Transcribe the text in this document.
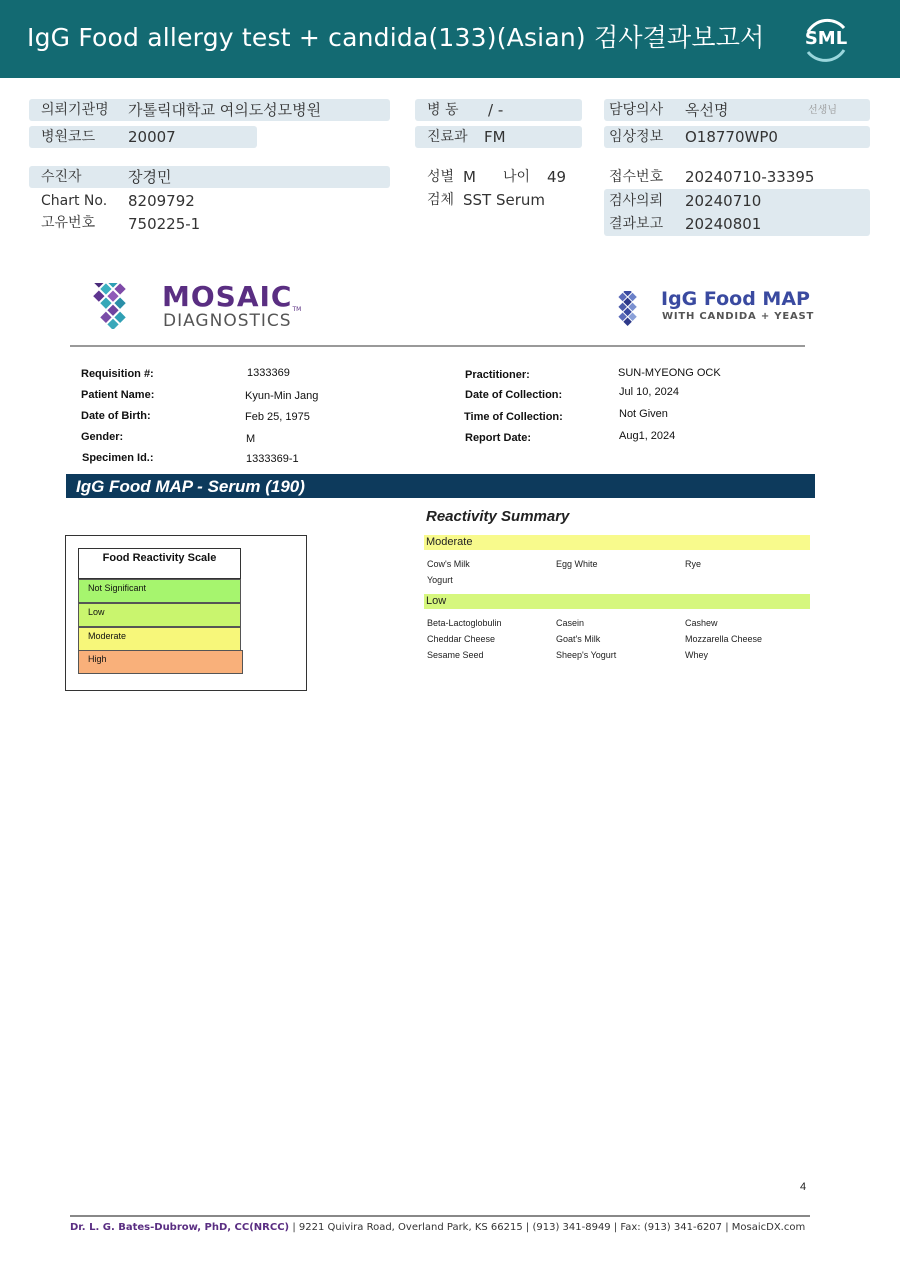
IgG Food allergy test + candida(133)(Asian) 검사결과보고서 SML
의뢰기관명 가톨릭대학교 여의도성모병원
병원코드 20007
수진자	장경민
Chart No. 8209792
고유번호 750225-1
병 동 / -
진료과 FM
성별 M 나이 49
검체 SST Serum
담당의사 옥선명	선생님
임상정보 O18770WP0
접수번호 20240710-33395
검사의뢰 20240710
결과보고 20240801
MOSAICTM
DIAGNOSTICS
IgG Food MAP
WITH CANDIDA + YEAST
Requisition #:	1333369
Patient Name:	Kyun-Min Jang
Date of Birth:	Feb 25, 1975
Gender:	M
Specimen Id.:	1333369-1
Practitioner:	SUN-MYEONG OCK
Date of Collection:	Jul 10, 2024
Time of Collection:	Not Given
Report Date:	Aug1, 2024
IgG Food MAP - Serum (190)
Food Reactivity Scale
Not Significant
Low
Moderate
High
Reactivity Summary
Moderate
Cow's Milk	Egg White	Rye
Yogurt
Low
Beta-Lactoglobulin	Casein	Cashew
Cheddar Cheese	Goat's Milk	Mozzarella Cheese
Sesame Seed	Sheep's Yogurt	Whey
4
Dr. L. G. Bates-Dubrow, PhD, CC(NRCC) | 9221 Quivira Road, Overland Park, KS 66215 | (913) 341-8949 | Fax: (913) 341-6207 | MosaicDX.com
